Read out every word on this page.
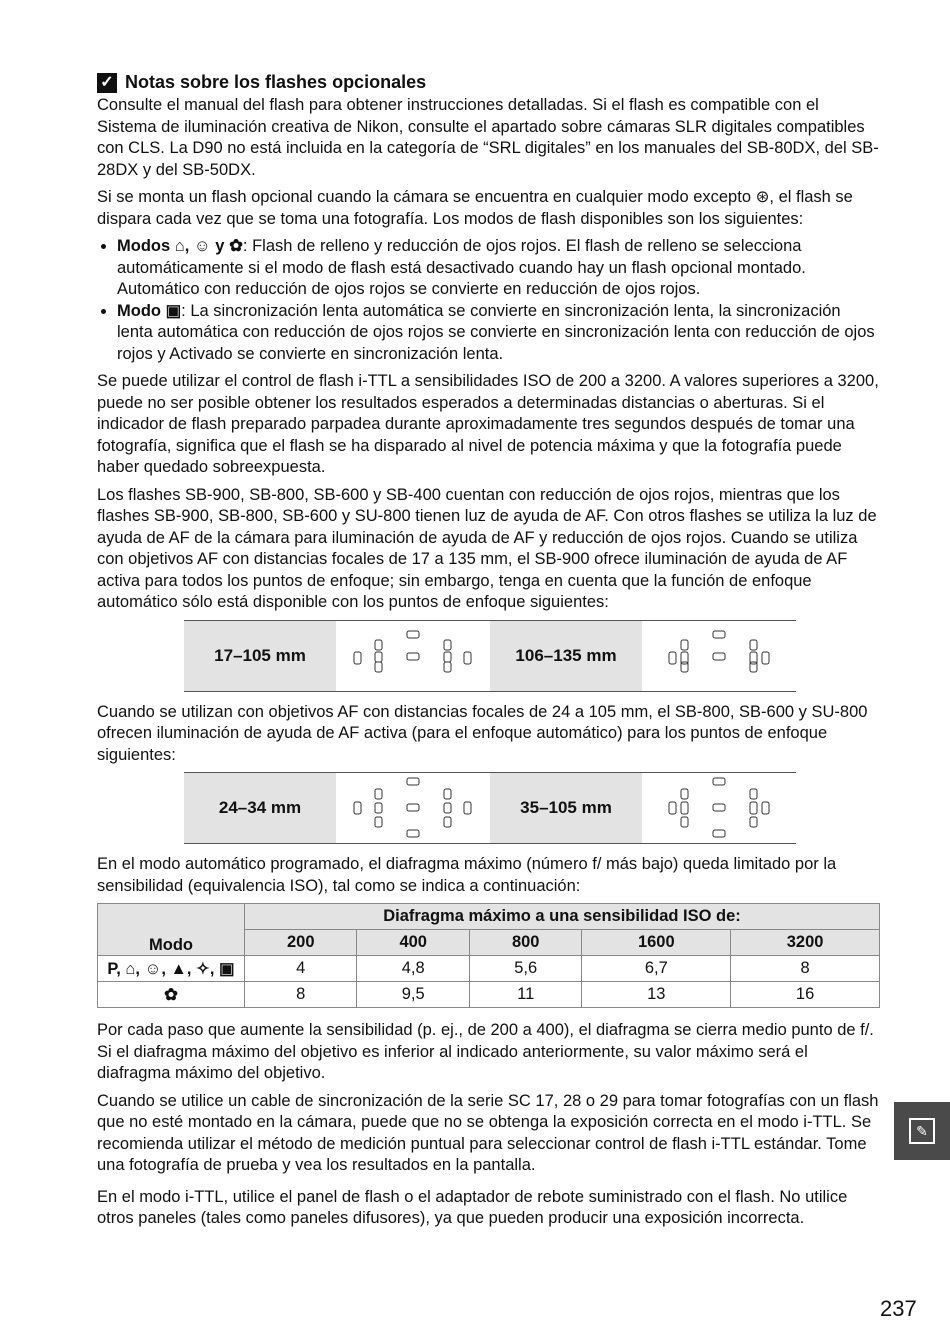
✓ Notas sobre los flashes opcionales

Consulte el manual del flash para obtener instrucciones detalladas. Si el flash es compatible con el Sistema de iluminación creativa de Nikon, consulte el apartado sobre cámaras SLR digitales compatibles con CLS. La D90 no está incluida en la categoría de “SRL digitales” en los manuales del SB-80DX, del SB-28DX y del SB-50DX.

Si se monta un flash opcional cuando la cámara se encuentra en cualquier modo excepto ⊛, el flash se dispara cada vez que se toma una fotografía. Los modos de flash disponibles son los siguientes:

• Modos ⌂, ☺ y ✿: Flash de relleno y reducción de ojos rojos. El flash de relleno se selecciona automáticamente si el modo de flash está desactivado cuando hay un flash opcional montado. Automático con reducción de ojos rojos se convierte en reducción de ojos rojos.
• Modo ▣: La sincronización lenta automática se convierte en sincronización lenta, la sincronización lenta automática con reducción de ojos rojos se convierte en sincronización lenta con reducción de ojos rojos y Activado se convierte en sincronización lenta.

Se puede utilizar el control de flash i-TTL a sensibilidades ISO de 200 a 3200. A valores superiores a 3200, puede no ser posible obtener los resultados esperados a determinadas distancias o aberturas. Si el indicador de flash preparado parpadea durante aproximadamente tres segundos después de tomar una fotografía, significa que el flash se ha disparado al nivel de potencia máxima y que la fotografía puede haber quedado sobreexpuesta.

Los flashes SB-900, SB-800, SB-600 y SB-400 cuentan con reducción de ojos rojos, mientras que los flashes SB-900, SB-800, SB-600 y SU-800 tienen luz de ayuda de AF. Con otros flashes se utiliza la luz de ayuda de AF de la cámara para iluminación de ayuda de AF y reducción de ojos rojos. Cuando se utiliza con objetivos AF con distancias focales de 17 a 135 mm, el SB-900 ofrece iluminación de ayuda de AF activa para todos los puntos de enfoque; sin embargo, tenga en cuenta que la función de enfoque automático sólo está disponible con los puntos de enfoque siguientes:

17–105 mm	106–135 mm

Cuando se utilizan con objetivos AF con distancias focales de 24 a 105 mm, el SB-800, SB-600 y SU-800 ofrecen iluminación de ayuda de AF activa (para el enfoque automático) para los puntos de enfoque siguientes:

24–34 mm	35–105 mm

En el modo automático programado, el diafragma máximo (número f/ más bajo) queda limitado por la sensibilidad (equivalencia ISO), tal como se indica a continuación:

Modo	Diafragma máximo a una sensibilidad ISO de:				
	200	400	800	1600	3200
P, ⌂, ☺, ▲, ✧, ▣	4	4,8	5,6	6,7	8
✿	8	9,5	11	13	16

Por cada paso que aumente la sensibilidad (p. ej., de 200 a 400), el diafragma se cierra medio punto de f/. Si el diafragma máximo del objetivo es inferior al indicado anteriormente, su valor máximo será el diafragma máximo del objetivo.

Cuando se utilice un cable de sincronización de la serie SC 17, 28 o 29 para tomar fotografías con un flash que no esté montado en la cámara, puede que no se obtenga la exposición correcta en el modo i-TTL. Se recomienda utilizar el método de medición puntual para seleccionar control de flash i-TTL estándar. Tome una fotografía de prueba y vea los resultados en la pantalla.

En el modo i-TTL, utilice el panel de flash o el adaptador de rebote suministrado con el flash. No utilice otros paneles (tales como paneles difusores), ya que pueden producir una exposición incorrecta.

✎
237
